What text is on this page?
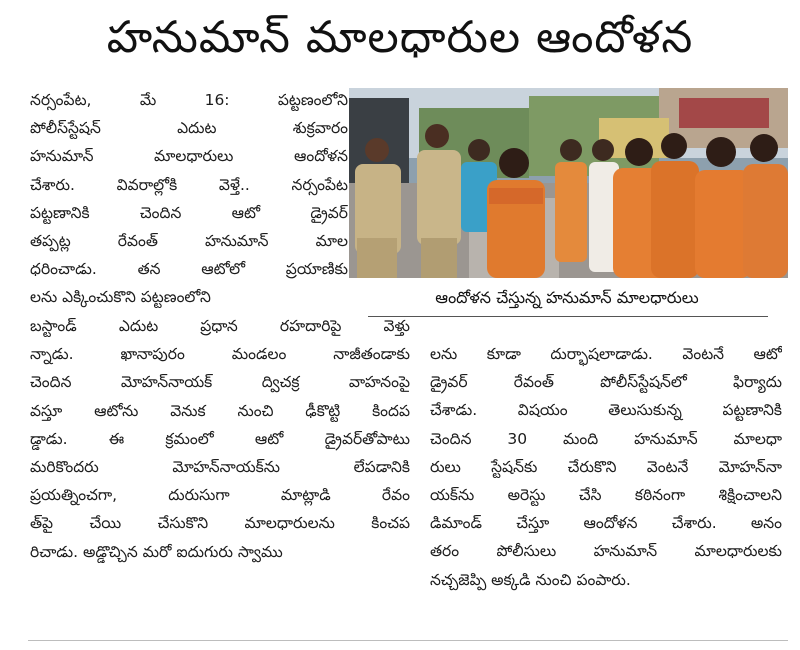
హనుమాన్ మాలధారుల ఆందోళన
నర్సంపేట, మే 16: పట్టణంలోని
పోలీస్‌స్టేషన్ ఎదుట శుక్రవారం
హనుమాన్ మాలధారులు ఆందోళన
చేశారు. వివరాల్లోకి వెళ్తే.. నర్సంపేట
పట్టణానికి చెందిన ఆటో డ్రైవర్
తప్పట్ల రేవంత్ హనుమాన్ మాల
ధరించాడు. తన ఆటోలో ప్రయాణికు
లను ఎక్కించుకొని పట్టణంలోని	ఆందోళన చేస్తున్న హనుమాన్ మాలధారులు

బస్టాండ్ ఎదుట ప్రధాన రహదారిపై వెళ్తు
న్నాడు. ఖానాపురం మండలం నాజీతండాకు
చెందిన మోహన్‌నాయక్ ద్విచక్ర వాహనంపై
వస్తూ ఆటోను వెనుక నుంచి ఢీకొట్టి కిందప
డ్డాడు. ఈ క్రమంలో ఆటో డ్రైవర్‌తోపాటు
మరికొందరు మోహన్‌నాయక్‌ను లేపడానికి
ప్రయత్నించగా, దురుసుగా మాట్లాడి రేవం
త్‌పై చేయి చేసుకొని మాలధారులను కించప
రిచాడు. అడ్డొచ్చిన మరో ఐదుగురు స్వాము
లను కూడా దుర్భాషలాడాడు. వెంటనే ఆటో
డ్రైవర్ రేవంత్ పోలీస్‌స్టేషన్‌లో ఫిర్యాదు
చేశాడు. విషయం తెలుసుకున్న పట్టణానికి
చెందిన 30 మంది హనుమాన్ మాలధా
రులు స్టేషన్‌కు చేరుకొని వెంటనే మోహన్‌నా
యక్‌ను అరెస్టు చేసి కఠినంగా శిక్షించాలని
డిమాండ్ చేస్తూ ఆందోళన చేశారు. అనం
తరం పోలీసులు హనుమాన్ మాలధారులకు
నచ్చజెప్పి అక్కడి నుంచి పంపారు.
